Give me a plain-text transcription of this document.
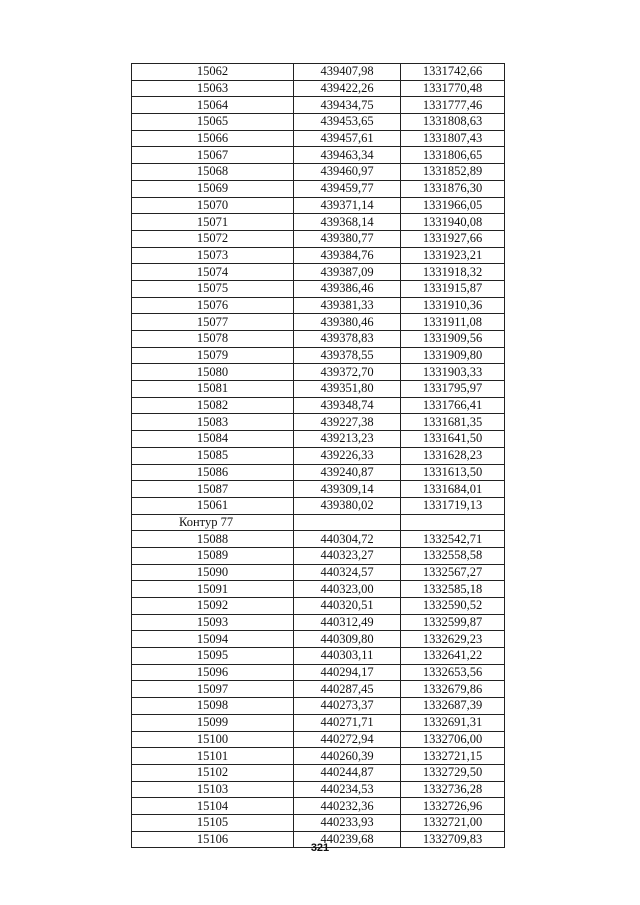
15062	439407,98	1331742,66
15063	439422,26	1331770,48
15064	439434,75	1331777,46
15065	439453,65	1331808,63
15066	439457,61	1331807,43
15067	439463,34	1331806,65
15068	439460,97	1331852,89
15069	439459,77	1331876,30
15070	439371,14	1331966,05
15071	439368,14	1331940,08
15072	439380,77	1331927,66
15073	439384,76	1331923,21
15074	439387,09	1331918,32
15075	439386,46	1331915,87
15076	439381,33	1331910,36
15077	439380,46	1331911,08
15078	439378,83	1331909,56
15079	439378,55	1331909,80
15080	439372,70	1331903,33
15081	439351,80	1331795,97
15082	439348,74	1331766,41
15083	439227,38	1331681,35
15084	439213,23	1331641,50
15085	439226,33	1331628,23
15086	439240,87	1331613,50
15087	439309,14	1331684,01
15061	439380,02	1331719,13
Контур 77		
15088	440304,72	1332542,71
15089	440323,27	1332558,58
15090	440324,57	1332567,27
15091	440323,00	1332585,18
15092	440320,51	1332590,52
15093	440312,49	1332599,87
15094	440309,80	1332629,23
15095	440303,11	1332641,22
15096	440294,17	1332653,56
15097	440287,45	1332679,86
15098	440273,37	1332687,39
15099	440271,71	1332691,31
15100	440272,94	1332706,00
15101	440260,39	1332721,15
15102	440244,87	1332729,50
15103	440234,53	1332736,28
15104	440232,36	1332726,96
15105	440233,93	1332721,00
15106	440239,68	1332709,83
321
